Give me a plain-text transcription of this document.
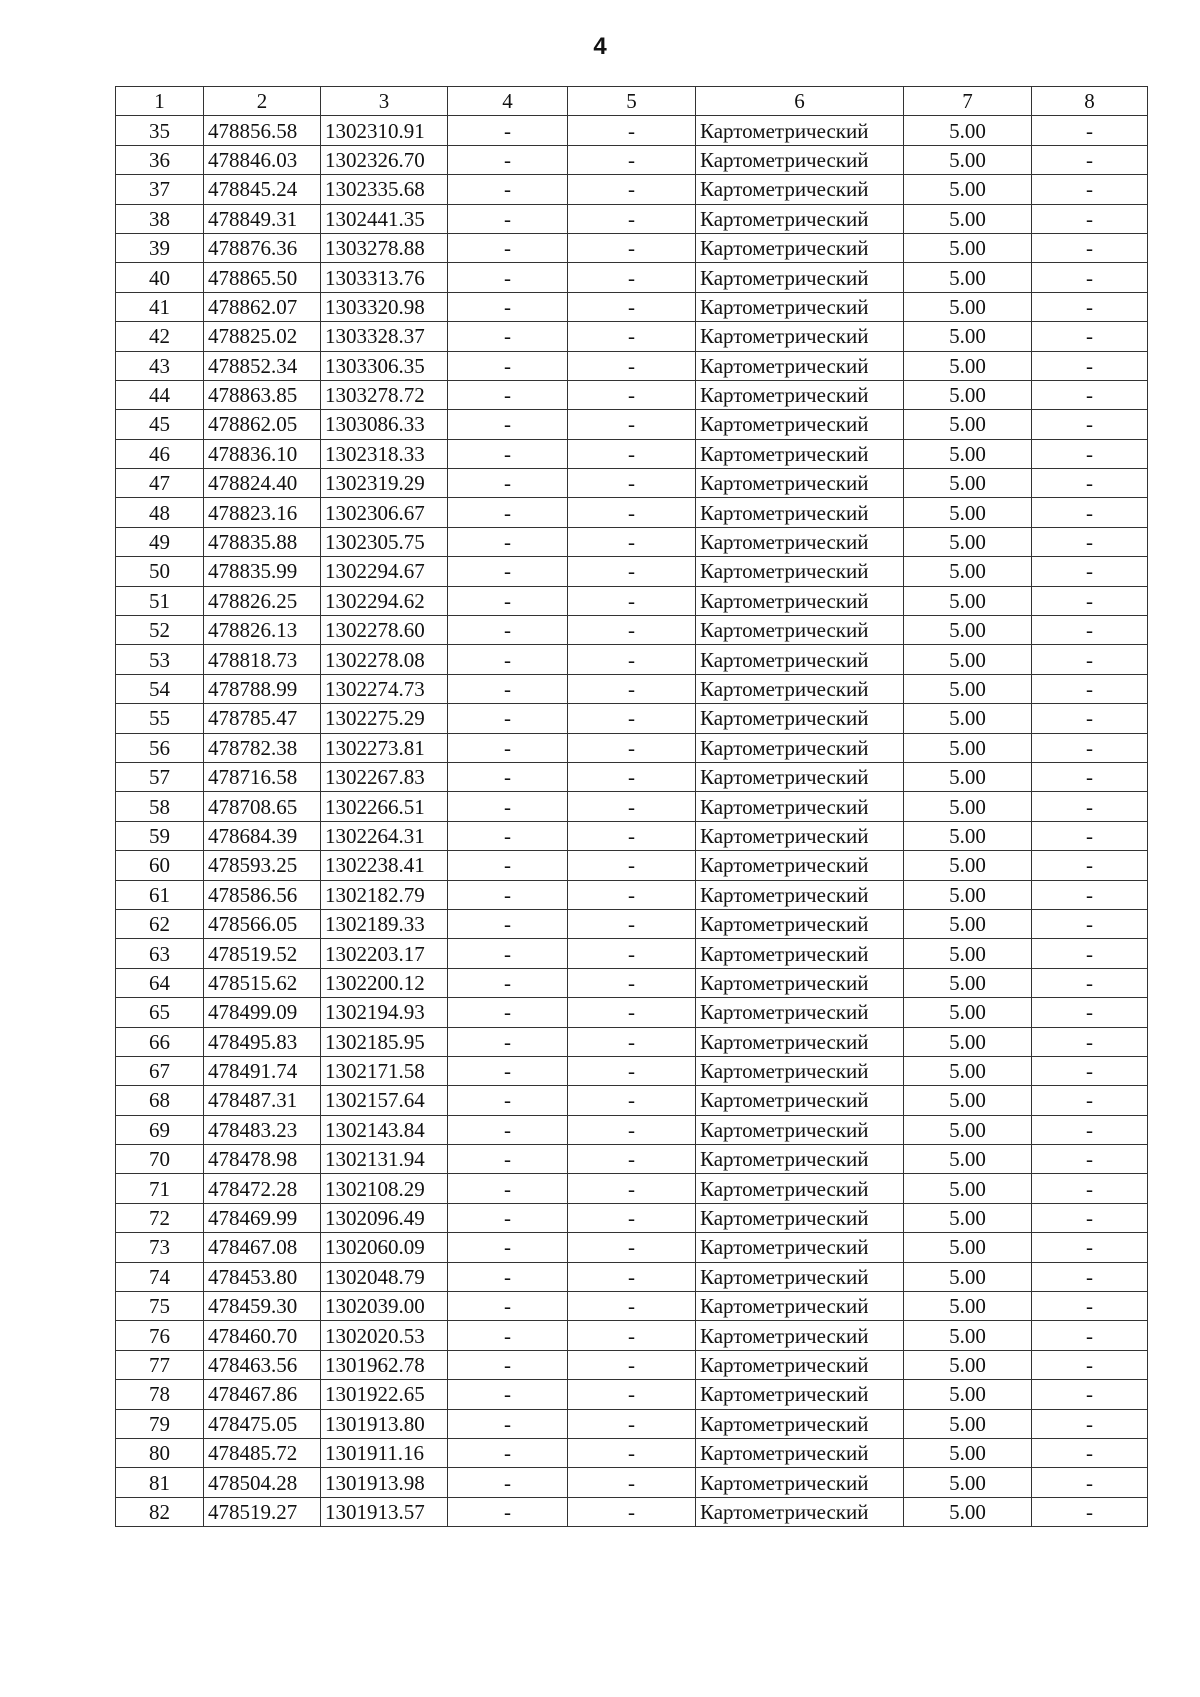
4
1	2	3	4	5	6	7	8
35	478856.58	1302310.91	-	-	Картометрический	5.00	-
36	478846.03	1302326.70	-	-	Картометрический	5.00	-
37	478845.24	1302335.68	-	-	Картометрический	5.00	-
38	478849.31	1302441.35	-	-	Картометрический	5.00	-
39	478876.36	1303278.88	-	-	Картометрический	5.00	-
40	478865.50	1303313.76	-	-	Картометрический	5.00	-
41	478862.07	1303320.98	-	-	Картометрический	5.00	-
42	478825.02	1303328.37	-	-	Картометрический	5.00	-
43	478852.34	1303306.35	-	-	Картометрический	5.00	-
44	478863.85	1303278.72	-	-	Картометрический	5.00	-
45	478862.05	1303086.33	-	-	Картометрический	5.00	-
46	478836.10	1302318.33	-	-	Картометрический	5.00	-
47	478824.40	1302319.29	-	-	Картометрический	5.00	-
48	478823.16	1302306.67	-	-	Картометрический	5.00	-
49	478835.88	1302305.75	-	-	Картометрический	5.00	-
50	478835.99	1302294.67	-	-	Картометрический	5.00	-
51	478826.25	1302294.62	-	-	Картометрический	5.00	-
52	478826.13	1302278.60	-	-	Картометрический	5.00	-
53	478818.73	1302278.08	-	-	Картометрический	5.00	-
54	478788.99	1302274.73	-	-	Картометрический	5.00	-
55	478785.47	1302275.29	-	-	Картометрический	5.00	-
56	478782.38	1302273.81	-	-	Картометрический	5.00	-
57	478716.58	1302267.83	-	-	Картометрический	5.00	-
58	478708.65	1302266.51	-	-	Картометрический	5.00	-
59	478684.39	1302264.31	-	-	Картометрический	5.00	-
60	478593.25	1302238.41	-	-	Картометрический	5.00	-
61	478586.56	1302182.79	-	-	Картометрический	5.00	-
62	478566.05	1302189.33	-	-	Картометрический	5.00	-
63	478519.52	1302203.17	-	-	Картометрический	5.00	-
64	478515.62	1302200.12	-	-	Картометрический	5.00	-
65	478499.09	1302194.93	-	-	Картометрический	5.00	-
66	478495.83	1302185.95	-	-	Картометрический	5.00	-
67	478491.74	1302171.58	-	-	Картометрический	5.00	-
68	478487.31	1302157.64	-	-	Картометрический	5.00	-
69	478483.23	1302143.84	-	-	Картометрический	5.00	-
70	478478.98	1302131.94	-	-	Картометрический	5.00	-
71	478472.28	1302108.29	-	-	Картометрический	5.00	-
72	478469.99	1302096.49	-	-	Картометрический	5.00	-
73	478467.08	1302060.09	-	-	Картометрический	5.00	-
74	478453.80	1302048.79	-	-	Картометрический	5.00	-
75	478459.30	1302039.00	-	-	Картометрический	5.00	-
76	478460.70	1302020.53	-	-	Картометрический	5.00	-
77	478463.56	1301962.78	-	-	Картометрический	5.00	-
78	478467.86	1301922.65	-	-	Картометрический	5.00	-
79	478475.05	1301913.80	-	-	Картометрический	5.00	-
80	478485.72	1301911.16	-	-	Картометрический	5.00	-
81	478504.28	1301913.98	-	-	Картометрический	5.00	-
82	478519.27	1301913.57	-	-	Картометрический	5.00	-
